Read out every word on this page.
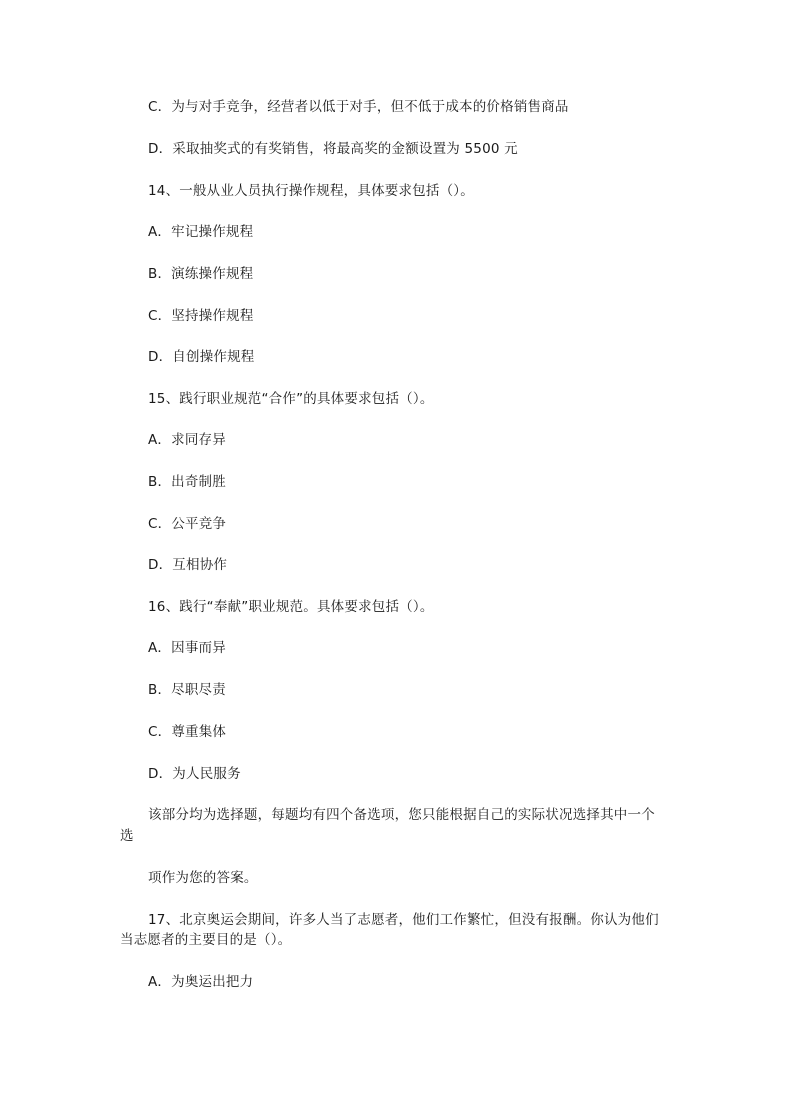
C．为与对手竞争，经营者以低于对手，但不低于成本的价格销售商品
D．采取抽奖式的有奖销售，将最高奖的金额设置为 5500 元
14、一般从业人员执行操作规程，具体要求包括（）。
A．牢记操作规程
B．演练操作规程
C．坚持操作规程
D．自创操作规程
15、践行职业规范“合作”的具体要求包括（）。
A．求同存异
B．出奇制胜
C．公平竞争
D．互相协作
16、践行“奉献”职业规范。具体要求包括（）。
A．因事而异
B．尽职尽责
C．尊重集体
D．为人民服务
该部分均为选择题，每题均有四个备选项，您只能根据自己的实际状况选择其中一个
选
项作为您的答案。
17、北京奥运会期间，许多人当了志愿者，他们工作繁忙，但没有报酬。你认为他们
当志愿者的主要目的是（）。
A．为奥运出把力
